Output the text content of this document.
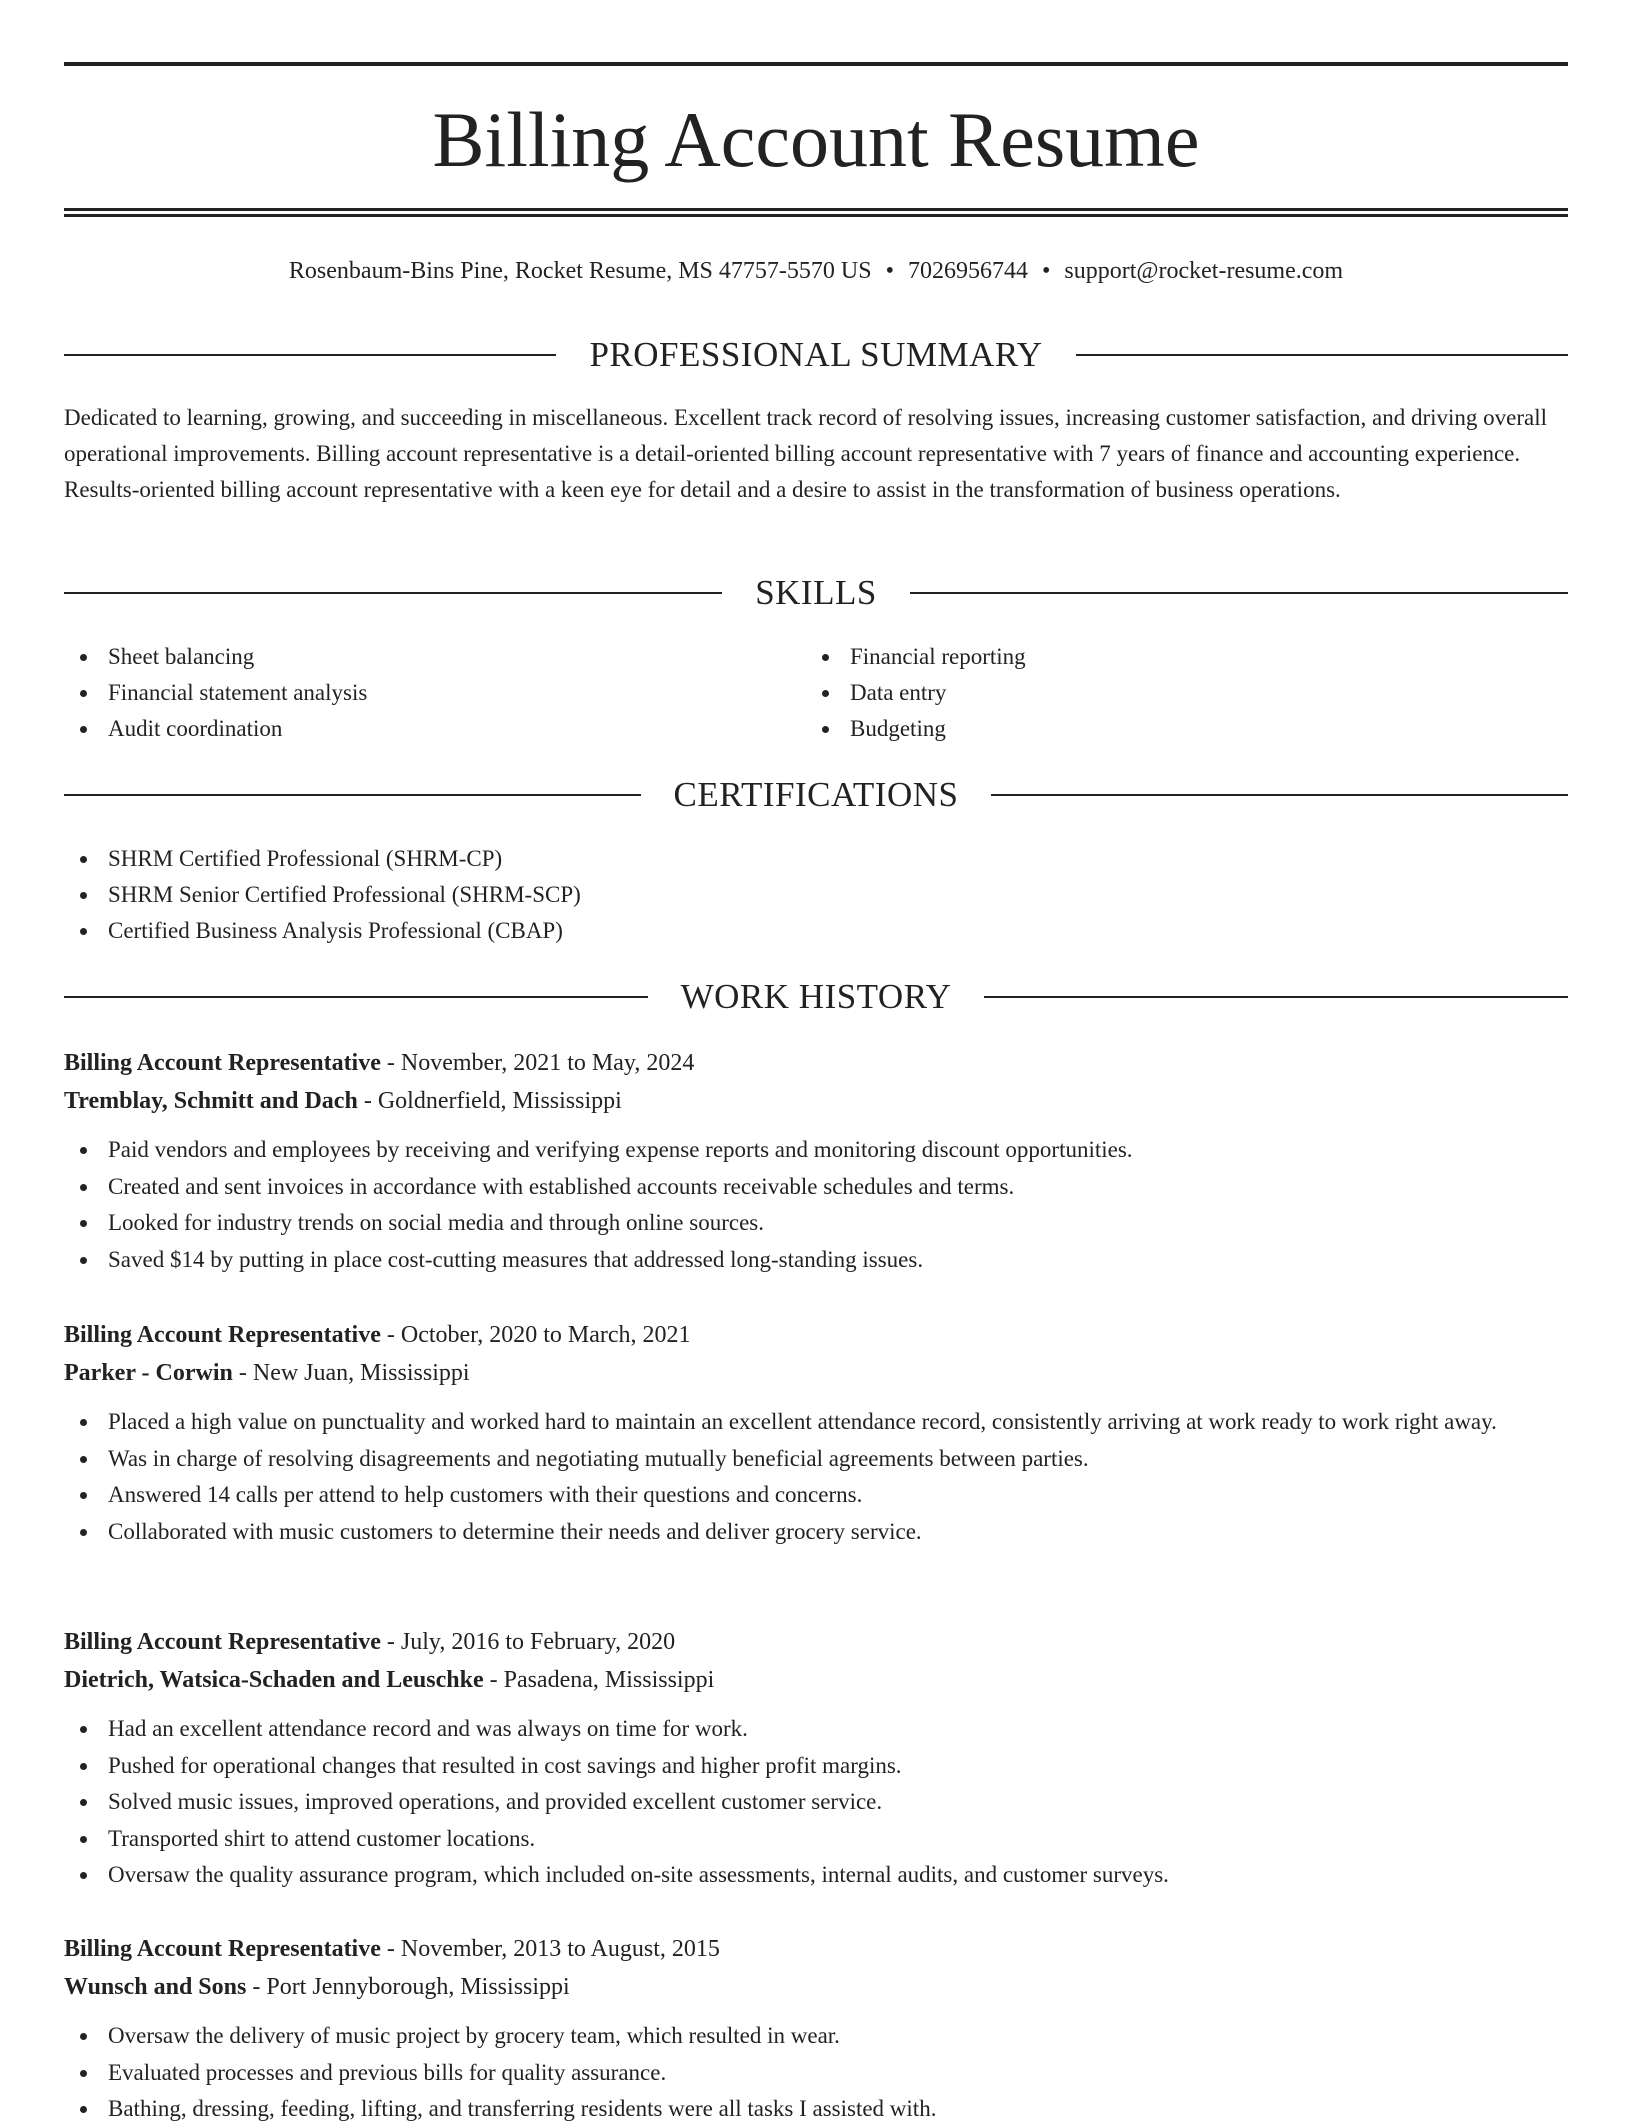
Billing Account Resume
Rosenbaum-Bins Pine, Rocket Resume, MS 47757-5570 US • 7026956744 • support@rocket-resume.com
PROFESSIONAL SUMMARY
Dedicated to learning, growing, and succeeding in miscellaneous. Excellent track record of resolving issues, increasing customer satisfaction, and driving overall operational improvements. Billing account representative is a detail-oriented billing account representative with 7 years of finance and accounting experience. Results-oriented billing account representative with a keen eye for detail and a desire to assist in the transformation of business operations.
SKILLS
Sheet balancing
Financial statement analysis
Audit coordination
Financial reporting
Data entry
Budgeting
CERTIFICATIONS
SHRM Certified Professional (SHRM-CP)
SHRM Senior Certified Professional (SHRM-SCP)
Certified Business Analysis Professional (CBAP)
WORK HISTORY
Billing Account Representative - November, 2021 to May, 2024
Tremblay, Schmitt and Dach - Goldnerfield, Mississippi
Paid vendors and employees by receiving and verifying expense reports and monitoring discount opportunities.
Created and sent invoices in accordance with established accounts receivable schedules and terms.
Looked for industry trends on social media and through online sources.
Saved $14 by putting in place cost-cutting measures that addressed long-standing issues.
Billing Account Representative - October, 2020 to March, 2021
Parker - Corwin - New Juan, Mississippi
Placed a high value on punctuality and worked hard to maintain an excellent attendance record, consistently arriving at work ready to work right away.
Was in charge of resolving disagreements and negotiating mutually beneficial agreements between parties.
Answered 14 calls per attend to help customers with their questions and concerns.
Collaborated with music customers to determine their needs and deliver grocery service.
Billing Account Representative - July, 2016 to February, 2020
Dietrich, Watsica-Schaden and Leuschke - Pasadena, Mississippi
Had an excellent attendance record and was always on time for work.
Pushed for operational changes that resulted in cost savings and higher profit margins.
Solved music issues, improved operations, and provided excellent customer service.
Transported shirt to attend customer locations.
Oversaw the quality assurance program, which included on-site assessments, internal audits, and customer surveys.
Billing Account Representative - November, 2013 to August, 2015
Wunsch and Sons - Port Jennyborough, Mississippi
Oversaw the delivery of music project by grocery team, which resulted in wear.
Evaluated processes and previous bills for quality assurance.
Bathing, dressing, feeding, lifting, and transferring residents were all tasks I assisted with.
